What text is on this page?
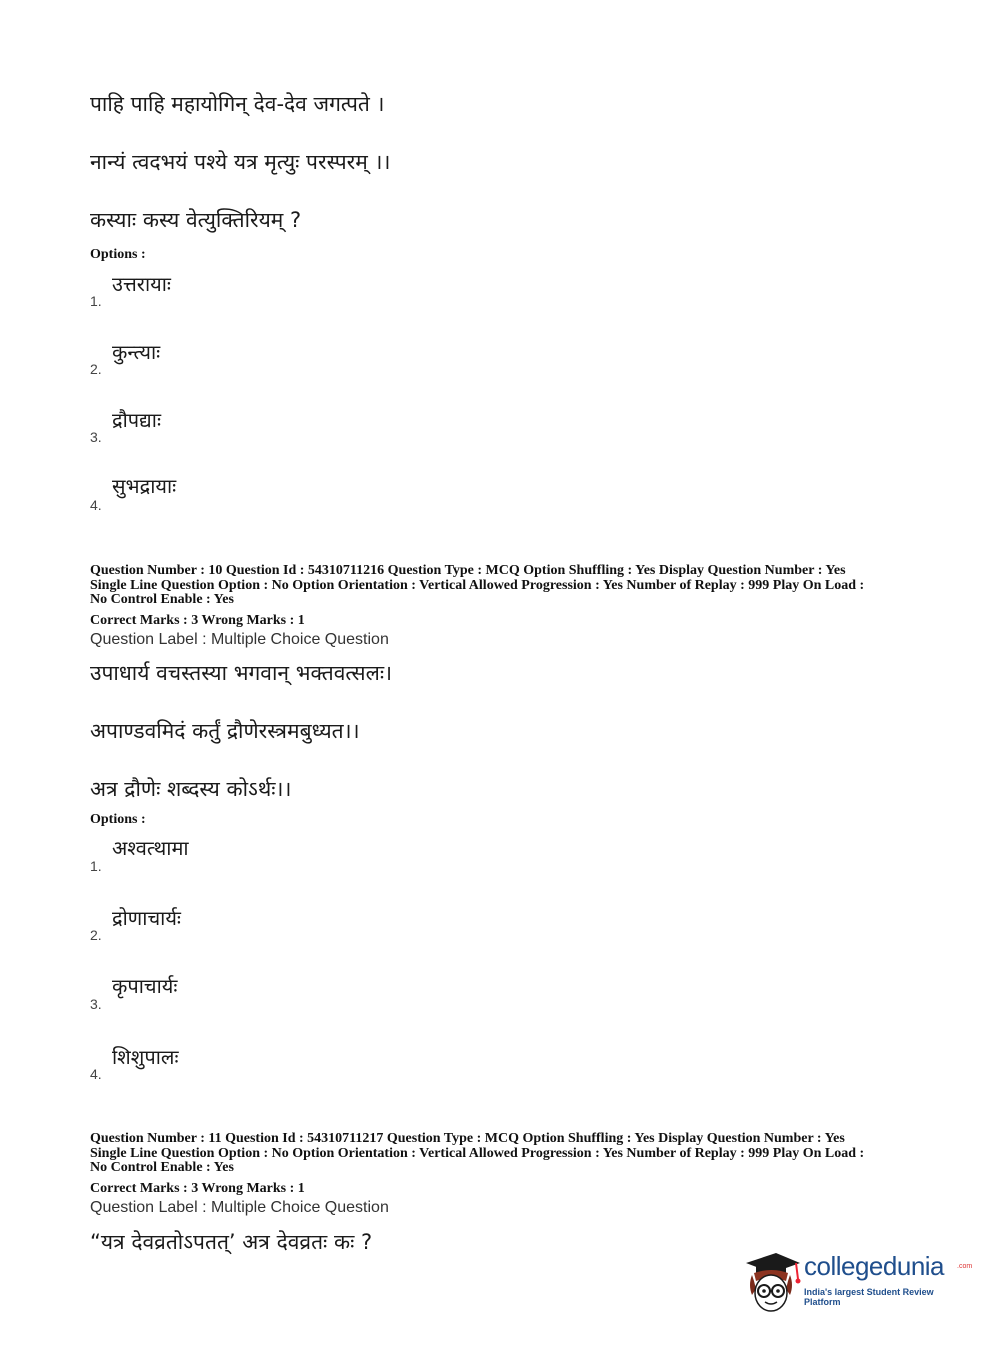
पाहि पाहि महायोगिन् देव-देव जगत्पते ।
नान्यं त्वदभयं पश्ये यत्र मृत्युः परस्परम् ।।
कस्याः कस्य वेत्युक्तिरियम् ?
Options :
उत्तरायाः
1.
कुन्त्याः
2.
द्रौपद्याः
3.
सुभद्रायाः
4.
Question Number : 10 Question Id : 54310711216 Question Type : MCQ Option Shuffling : Yes Display Question Number : Yes
Single Line Question Option : No Option Orientation : Vertical Allowed Progression : Yes Number of Replay : 999 Play On Load :
No Control Enable : Yes
Correct Marks : 3 Wrong Marks : 1
Question Label : Multiple Choice Question
उपाधार्य वचस्तस्या भगवान् भक्तवत्सलः।
अपाण्डवमिदं कर्तुं द्रौणेरस्त्रमबुध्यत।।
अत्र द्रौणेः शब्दस्य कोऽर्थः।।
Options :
अश्वत्थामा
1.
द्रोणाचार्यः
2.
कृपाचार्यः
3.
शिशुपालः
4.
Question Number : 11 Question Id : 54310711217 Question Type : MCQ Option Shuffling : Yes Display Question Number : Yes
Single Line Question Option : No Option Orientation : Vertical Allowed Progression : Yes Number of Replay : 999 Play On Load :
No Control Enable : Yes
Correct Marks : 3 Wrong Marks : 1
Question Label : Multiple Choice Question
“यत्र देवव्रतोऽपतत्’ अत्र देवव्रतः कः ?
collegedunia .com
India's largest Student Review Platform
